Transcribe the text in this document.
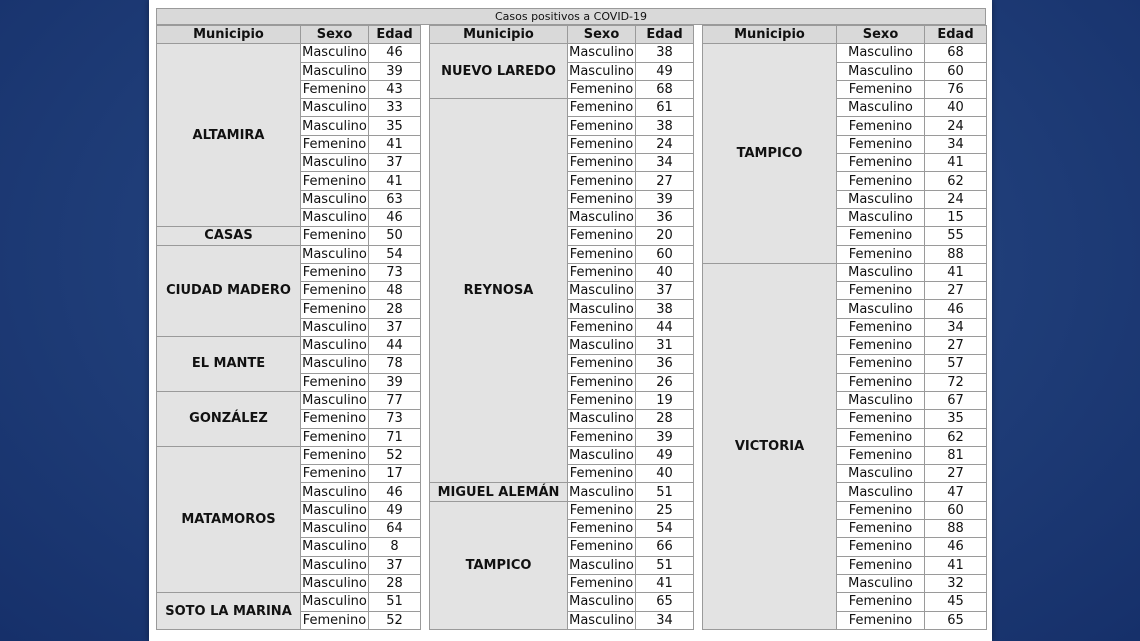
Casos positivos a COVID-19
Municipio	Sexo	Edad
ALTAMIRA	Masculino	46
	Masculino	39
	Femenino	43
	Masculino	33
	Masculino	35
	Femenino	41
	Masculino	37
	Femenino	41
	Masculino	63
	Masculino	46
CASAS	Femenino	50
CIUDAD MADERO	Masculino	54
	Femenino	73
	Femenino	48
	Femenino	28
	Masculino	37
EL MANTE	Masculino	44
	Masculino	78
	Femenino	39
GONZÁLEZ	Masculino	77
	Femenino	73
	Femenino	71
MATAMOROS	Femenino	52
	Femenino	17
	Masculino	46
	Masculino	49
	Masculino	64
	Masculino	8
	Masculino	37
	Masculino	28
SOTO LA MARINA	Masculino	51
	Femenino	52
Municipio	Sexo	Edad
NUEVO LAREDO	Masculino	38
	Masculino	49
	Femenino	68
REYNOSA	Femenino	61
	Femenino	38
	Femenino	24
	Femenino	34
	Femenino	27
	Femenino	39
	Masculino	36
	Femenino	20
	Femenino	60
	Femenino	40
	Masculino	37
	Masculino	38
	Femenino	44
	Masculino	31
	Femenino	36
	Femenino	26
	Femenino	19
	Masculino	28
	Femenino	39
	Masculino	49
	Femenino	40
MIGUEL ALEMÁN	Masculino	51
TAMPICO	Femenino	25
	Femenino	54
	Femenino	66
	Masculino	51
	Femenino	41
	Masculino	65
	Masculino	34
Municipio	Sexo	Edad
TAMPICO	Masculino	68
	Masculino	60
	Femenino	76
	Masculino	40
	Femenino	24
	Femenino	34
	Femenino	41
	Femenino	62
	Masculino	24
	Masculino	15
	Femenino	55
	Femenino	88
VICTORIA	Masculino	41
	Femenino	27
	Masculino	46
	Femenino	34
	Femenino	27
	Femenino	57
	Femenino	72
	Masculino	67
	Femenino	35
	Femenino	62
	Femenino	81
	Masculino	27
	Masculino	47
	Femenino	60
	Femenino	88
	Femenino	46
	Femenino	41
	Masculino	32
	Femenino	45
	Femenino	65
